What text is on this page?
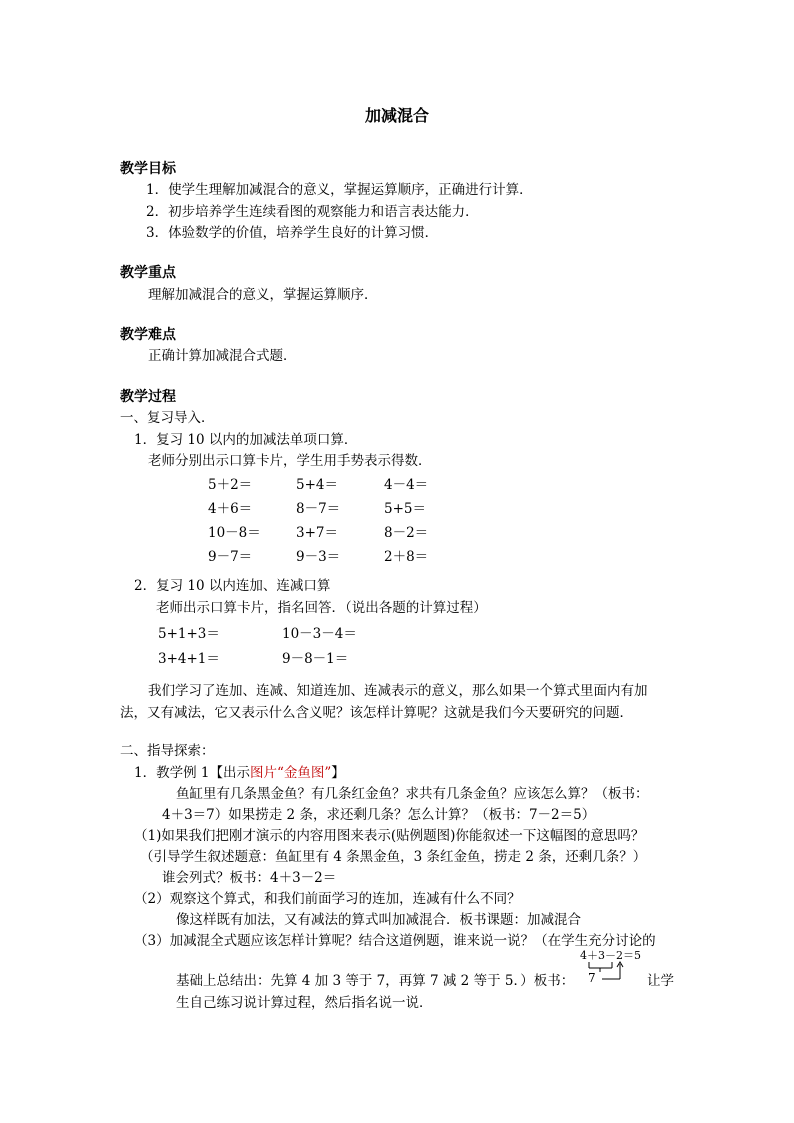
加减混合
教学目标
1．使学生理解加减混合的意义，掌握运算顺序，正确进行计算．
2．初步培养学生连续看图的观察能力和语言表达能力．
3．体验数学的价值，培养学生良好的计算习惯．
教学重点
理解加减混合的意义，掌握运算顺序．
教学难点
正确计算加减混合式题．
教学过程
一、复习导入．
1．复习 10 以内的加减法单项口算．
老师分别出示口算卡片，学生用手势表示得数．
5＋2＝	5+4＝	4－4＝
4＋6＝	8－7＝	5+5＝
10－8＝	3+7＝	8－2＝
9－7＝	9－3＝	2＋8＝
2．复习 10 以内连加、连减口算
老师出示口算卡片，指名回答．（说出各题的计算过程）
5+1+3＝	10－3－4＝
3+4+1＝	9－8－1＝
我们学习了连加、连减、知道连加、连减表示的意义，那么如果一个算式里面内有加
法，又有减法，它又表示什么含义呢？该怎样计算呢？这就是我们今天要研究的问题．
二、指导探索：
1．教学例 1【出示图片“金鱼图”】
鱼缸里有几条黑金鱼？有几条红金鱼？求共有几条金鱼？应该怎么算？（板书：
4＋3＝7）如果捞走 2 条，求还剩几条？怎么计算？（板书：7－2＝5）
（1)如果我们把刚才演示的内容用图来表示(贴例题图)你能叙述一下这幅图的意思吗？
（引导学生叙述题意：鱼缸里有 4 条黑金鱼，3 条红金鱼，捞走 2 条，还剩几条？）
谁会列式？板书：4＋3－2＝
（2）观察这个算式，和我们前面学习的连加，连减有什么不同？
像这样既有加法，又有减法的算式叫加减混合．板书课题：加减混合
（3）加减混全式题应该怎样计算呢？结合这道例题，谁来说一说？（在学生充分讨论的
基础上总结出：先算 4 加 3 等于 7，再算 7 减 2 等于 5．）板书：
4＋3－2＝5
7	让学
生自己练习说计算过程，然后指名说一说．
